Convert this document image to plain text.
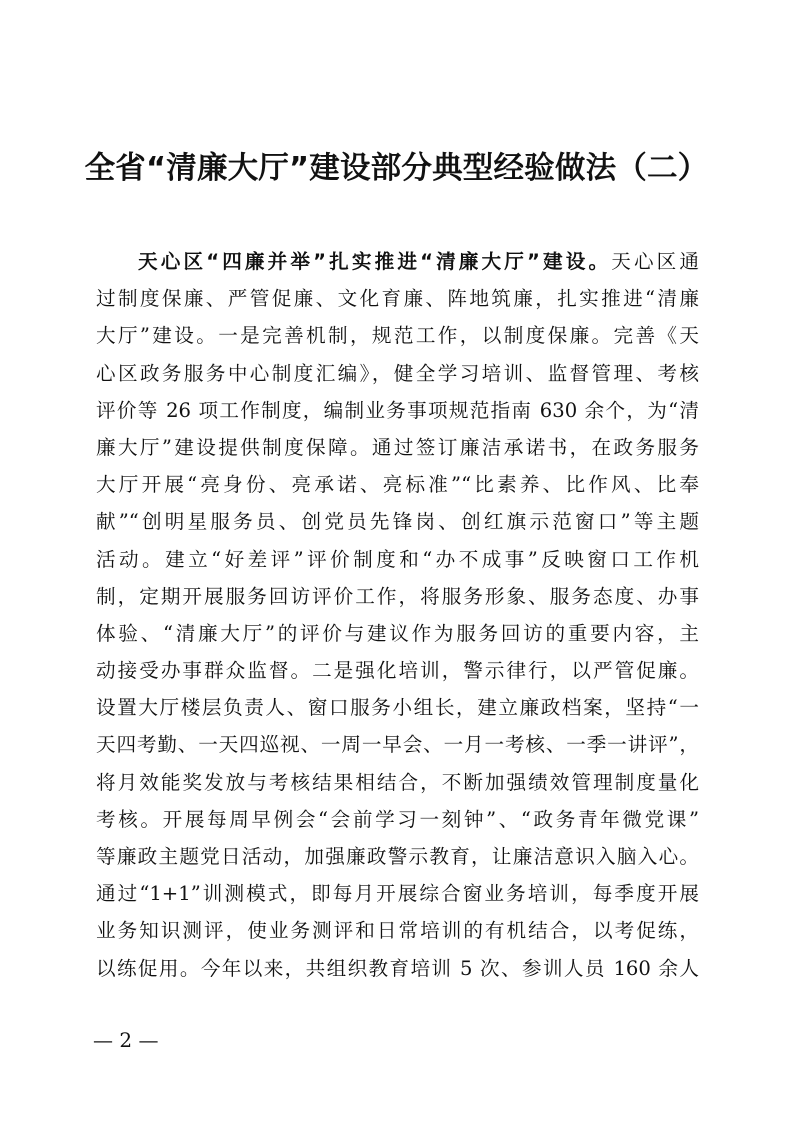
全省“清廉大厅”建设部分典型经验做法（二）
天心区“四廉并举”扎实推进“清廉大厅”建设。天心区通
过制度保廉、严管促廉、文化育廉、阵地筑廉，扎实推进“清廉
大厅”建设。一是完善机制，规范工作，以制度保廉。完善《天
心区政务服务中心制度汇编》，健全学习培训、监督管理、考核
评价等 26 项工作制度，编制业务事项规范指南 630 余个，为“清
廉大厅”建设提供制度保障。通过签订廉洁承诺书，在政务服务
大厅开展“亮身份、亮承诺、亮标准”“比素养、比作风、比奉
献”“创明星服务员、创党员先锋岗、创红旗示范窗口”等主题
活动。建立“好差评”评价制度和“办不成事”反映窗口工作机
制，定期开展服务回访评价工作，将服务形象、服务态度、办事
体验、“清廉大厅”的评价与建议作为服务回访的重要内容，主
动接受办事群众监督。二是强化培训，警示律行，以严管促廉。
设置大厅楼层负责人、窗口服务小组长，建立廉政档案，坚持“一
天四考勤、一天四巡视、一周一早会、一月一考核、一季一讲评”，
将月效能奖发放与考核结果相结合，不断加强绩效管理制度量化
考核。开展每周早例会“会前学习一刻钟”、“政务青年微党课”
等廉政主题党日活动，加强廉政警示教育，让廉洁意识入脑入心。
通过“1+1”训测模式，即每月开展综合窗业务培训，每季度开展
业务知识测评，使业务测评和日常培训的有机结合，以考促练，
以练促用。今年以来，共组织教育培训 5 次、参训人员 160 余人
— 2 —
